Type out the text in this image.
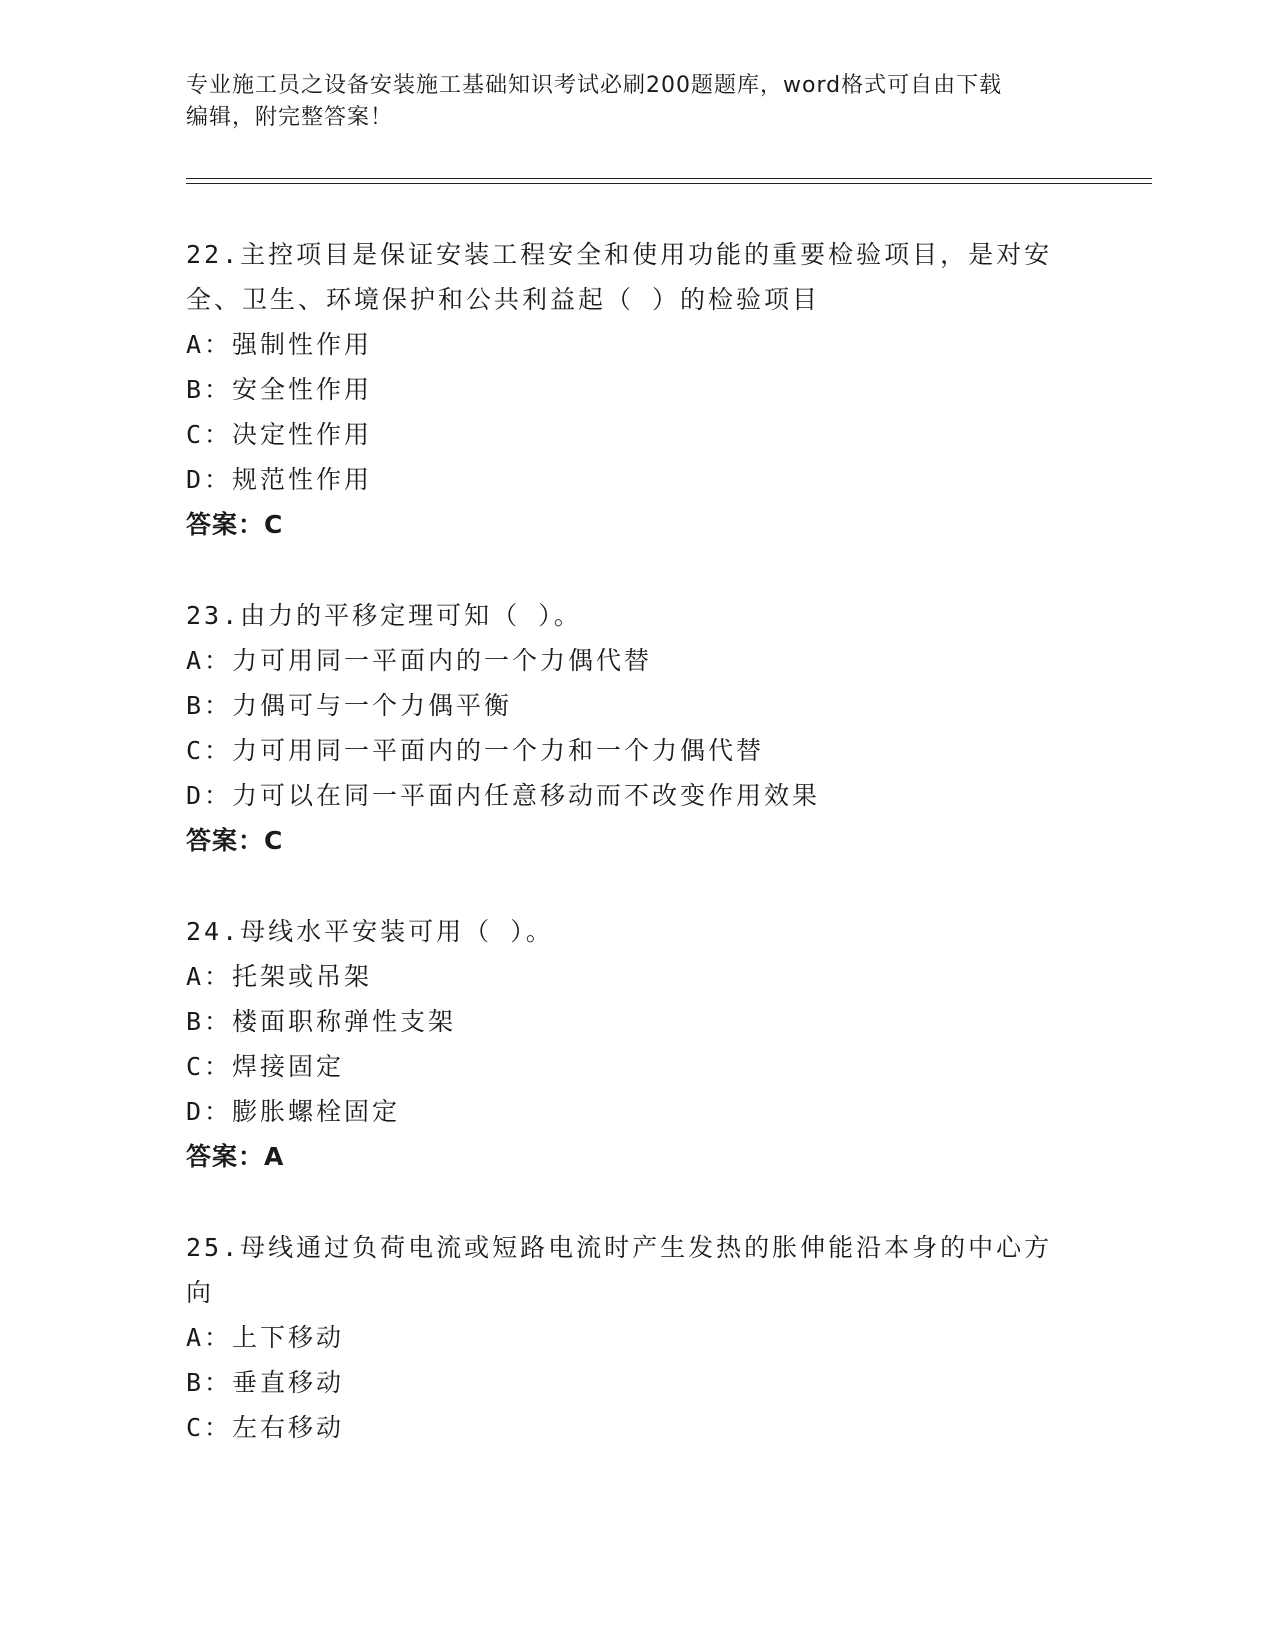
专业施工员之设备安装施工基础知识考试必刷200题题库，word格式可自由下载
编辑，附完整答案！
22.主控项目是保证安装工程安全和使用功能的重要检验项目，是对安
全、卫生、环境保护和公共利益起（ ）的检验项目
A：强制性作用
B：安全性作用
C：决定性作用
D：规范性作用
答案：C
23.由力的平移定理可知（ ）。
A：力可用同一平面内的一个力偶代替
B：力偶可与一个力偶平衡
C：力可用同一平面内的一个力和一个力偶代替
D：力可以在同一平面内任意移动而不改变作用效果
答案：C
24.母线水平安装可用（ ）。
A：托架或吊架
B：楼面职称弹性支架
C：焊接固定
D：膨胀螺栓固定
答案：A
25.母线通过负荷电流或短路电流时产生发热的胀伸能沿本身的中心方
向
A：上下移动
B：垂直移动
C：左右移动
